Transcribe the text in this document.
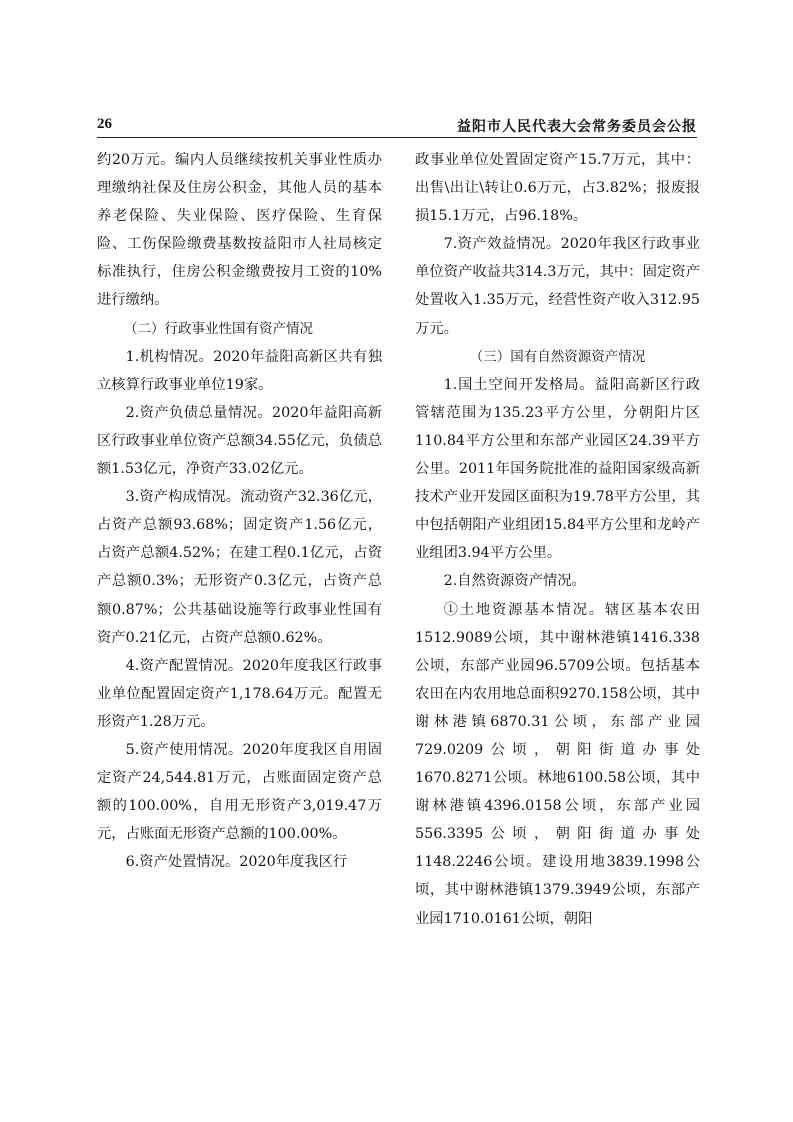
26	益阳市人民代表大会常务委员会公报

约20万元。编内人员继续按机关事业性质办理缴纳社保及住房公积金，其他人员的基本养老保险、失业保险、医疗保险、生育保险、工伤保险缴费基数按益阳市人社局核定标准执行，住房公积金缴费按月工资的10%进行缴纳。

（二）行政事业性国有资产情况

1.机构情况。2020年益阳高新区共有独立核算行政事业单位19家。

2.资产负债总量情况。2020年益阳高新区行政事业单位资产总额34.55亿元，负债总额1.53亿元，净资产33.02亿元。

3.资产构成情况。流动资产32.36亿元，占资产总额93.68%；固定资产1.56亿元，占资产总额4.52%；在建工程0.1亿元，占资产总额0.3%；无形资产0.3亿元，占资产总额0.87%；公共基础设施等行政事业性国有资产0.21亿元，占资产总额0.62%。

4.资产配置情况。2020年度我区行政事业单位配置固定资产1,178.64万元。配置无形资产1.28万元。

5.资产使用情况。2020年度我区自用固定资产24,544.81万元，占账面固定资产总额的100.00%，自用无形资产3,019.47万元，占账面无形资产总额的100.00%。

6.资产处置情况。2020年度我区行

政事业单位处置固定资产15.7万元，其中：出售\出让\转让0.6万元，占3.82%；报废报损15.1万元，占96.18%。

7.资产效益情况。2020年我区行政事业单位资产收益共314.3万元，其中：固定资产处置收入1.35万元，经营性资产收入312.95万元。

（三）国有自然资源资产情况

1.国土空间开发格局。益阳高新区行政管辖范围为135.23平方公里，分朝阳片区110.84平方公里和东部产业园区24.39平方公里。2011年国务院批准的益阳国家级高新技术产业开发园区面积为19.78平方公里，其中包括朝阳产业组团15.84平方公里和龙岭产业组团3.94平方公里。

2.自然资源资产情况。

①土地资源基本情况。辖区基本农田1512.9089公顷，其中谢林港镇1416.338公顷，东部产业园96.5709公顷。包括基本农田在内农用地总面积9270.158公顷，其中谢林港镇6870.31公顷，东部产业园729.0209公顷，朝阳街道办事处1670.8271公顷。林地6100.58公顷，其中谢林港镇4396.0158公顷，东部产业园556.3395公顷，朝阳街道办事处1148.2246公顷。建设用地3839.1998公顷，其中谢林港镇1379.3949公顷，东部产业园1710.0161公顷，朝阳
